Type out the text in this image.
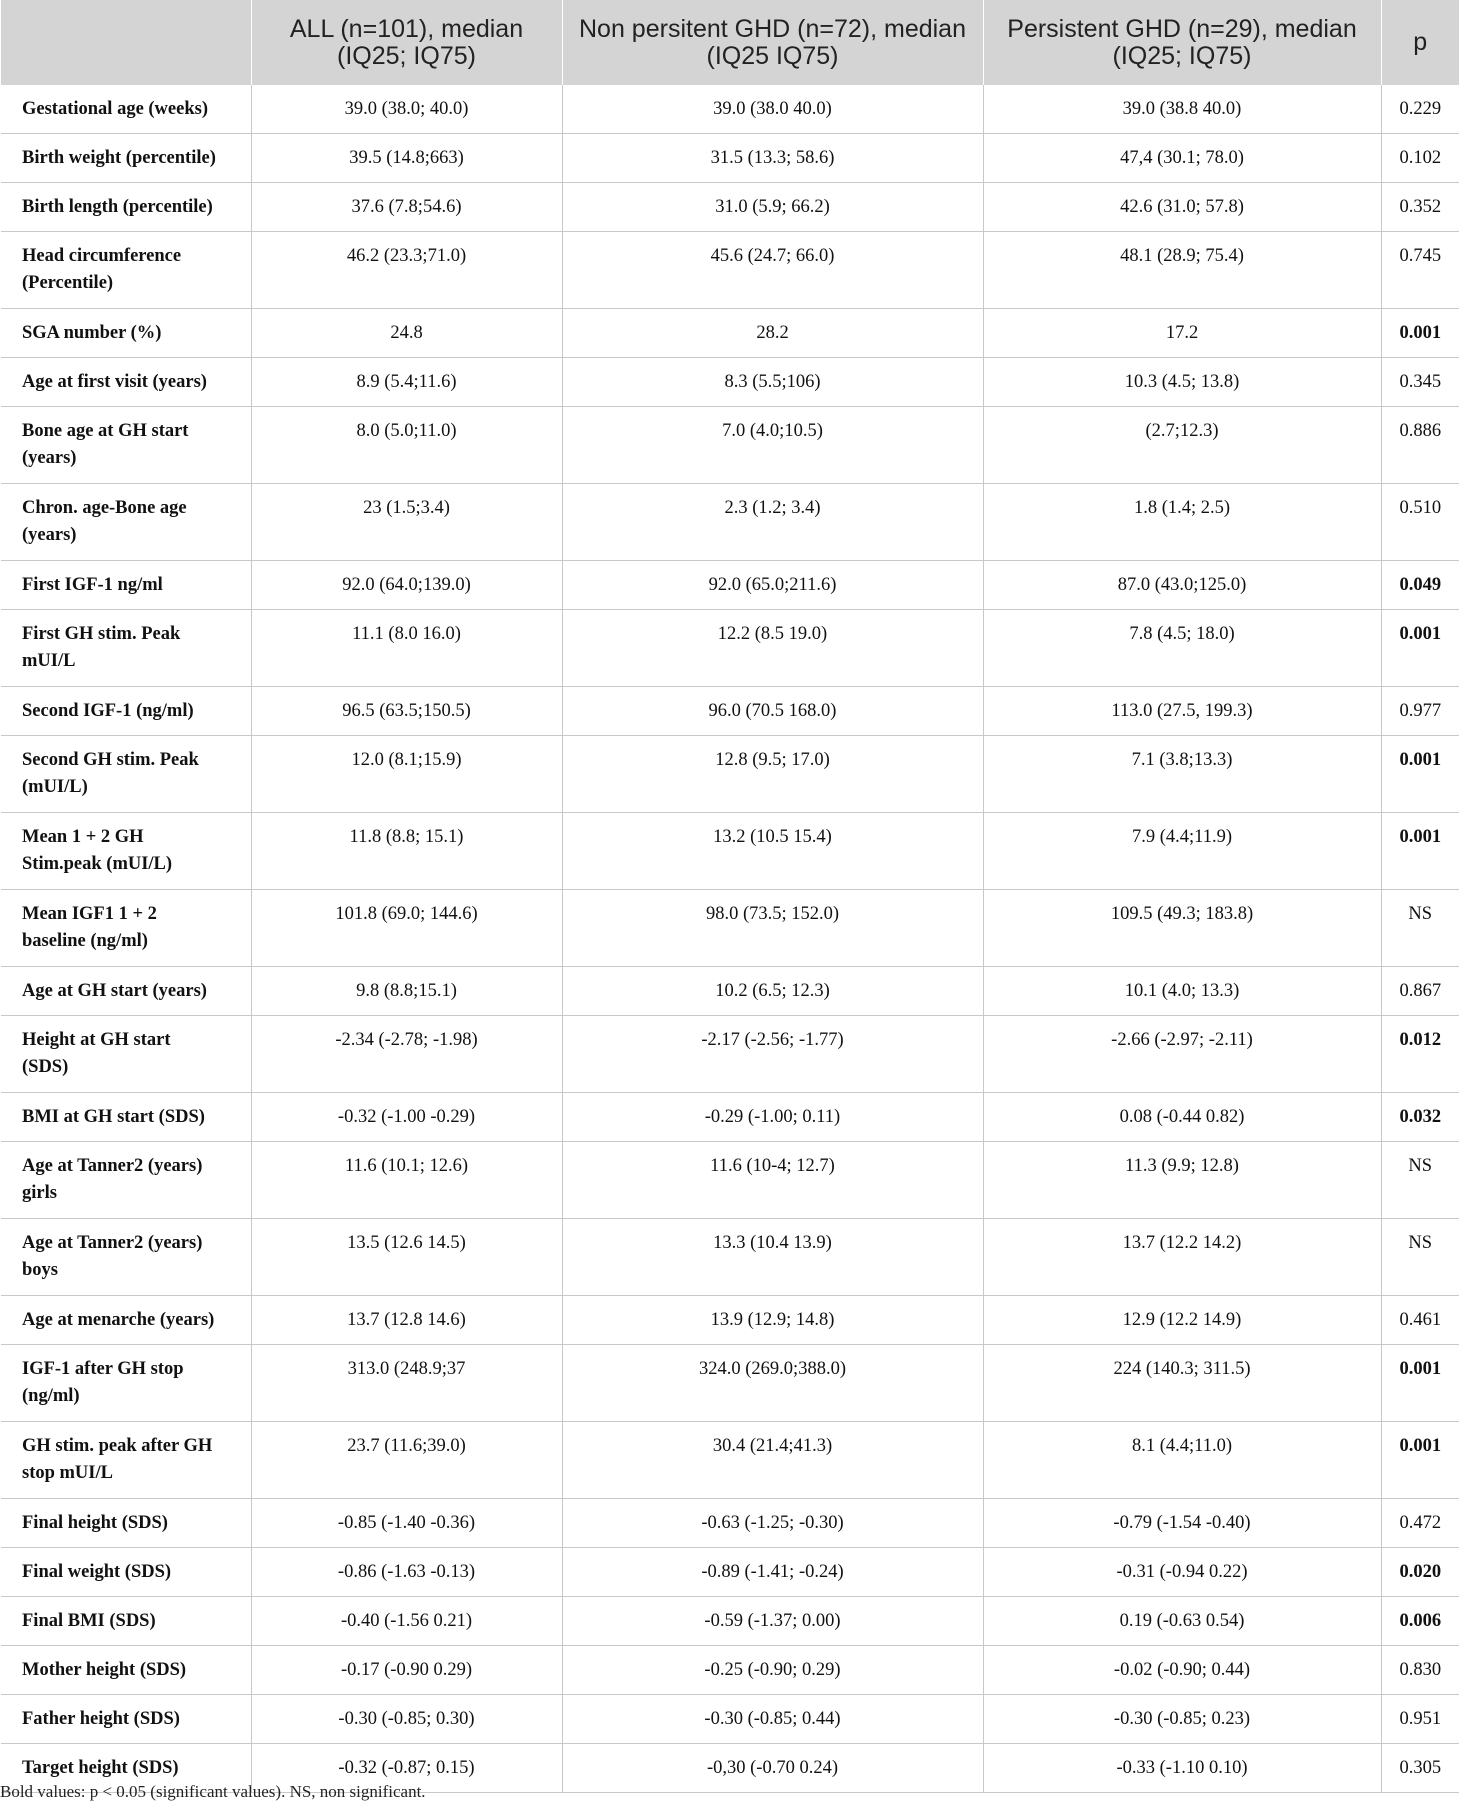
	ALL (n=101), median (IQ25; IQ75)	Non persitent GHD (n=72), median (IQ25 IQ75)	Persistent GHD (n=29), median (IQ25; IQ75)	p
Gestational age (weeks)	39.0 (38.0; 40.0)	39.0 (38.0 40.0)	39.0 (38.8 40.0)	0.229
Birth weight (percentile)	39.5 (14.8;663)	31.5 (13.3; 58.6)	47,4 (30.1; 78.0)	0.102
Birth length (percentile)	37.6 (7.8;54.6)	31.0 (5.9; 66.2)	42.6 (31.0; 57.8)	0.352
Head circumference
(Percentile)	46.2 (23.3;71.0)	45.6 (24.7; 66.0)	48.1 (28.9; 75.4)	0.745
SGA number (%)	24.8	28.2	17.2	0.001
Age at first visit (years)	8.9 (5.4;11.6)	8.3 (5.5;106)	10.3 (4.5; 13.8)	0.345
Bone age at GH start
(years)	8.0 (5.0;11.0)	7.0 (4.0;10.5)	(2.7;12.3)	0.886
Chron. age-Bone age
(years)	23 (1.5;3.4)	2.3 (1.2; 3.4)	1.8 (1.4; 2.5)	0.510
First IGF-1 ng/ml	92.0 (64.0;139.0)	92.0 (65.0;211.6)	87.0 (43.0;125.0)	0.049
First GH stim. Peak
mUI/L	11.1 (8.0 16.0)	12.2 (8.5 19.0)	7.8 (4.5; 18.0)	0.001
Second IGF-1 (ng/ml)	96.5 (63.5;150.5)	96.0 (70.5 168.0)	113.0 (27.5, 199.3)	0.977
Second GH stim. Peak
(mUI/L)	12.0 (8.1;15.9)	12.8 (9.5; 17.0)	7.1 (3.8;13.3)	0.001
Mean 1 + 2 GH
Stim.peak (mUI/L)	11.8 (8.8; 15.1)	13.2 (10.5 15.4)	7.9 (4.4;11.9)	0.001
Mean IGF1 1 + 2
baseline (ng/ml)	101.8 (69.0; 144.6)	98.0 (73.5; 152.0)	109.5 (49.3; 183.8)	NS
Age at GH start (years)	9.8 (8.8;15.1)	10.2 (6.5; 12.3)	10.1 (4.0; 13.3)	0.867
Height at GH start
(SDS)	-2.34 (-2.78; -1.98)	-2.17 (-2.56; -1.77)	-2.66 (-2.97; -2.11)	0.012
BMI at GH start (SDS)	-0.32 (-1.00 -0.29)	-0.29 (-1.00; 0.11)	0.08 (-0.44 0.82)	0.032
Age at Tanner2 (years)
girls	11.6 (10.1; 12.6)	11.6 (10-4; 12.7)	11.3 (9.9; 12.8)	NS
Age at Tanner2 (years)
boys	13.5 (12.6 14.5)	13.3 (10.4 13.9)	13.7 (12.2 14.2)	NS
Age at menarche (years)	13.7 (12.8 14.6)	13.9 (12.9; 14.8)	12.9 (12.2 14.9)	0.461
IGF-1 after GH stop
(ng/ml)	313.0 (248.9;37	324.0 (269.0;388.0)	224 (140.3; 311.5)	0.001
GH stim. peak after GH
stop mUI/L	23.7 (11.6;39.0)	30.4 (21.4;41.3)	8.1 (4.4;11.0)	0.001
Final height (SDS)	-0.85 (-1.40 -0.36)	-0.63 (-1.25; -0.30)	-0.79 (-1.54 -0.40)	0.472
Final weight (SDS)	-0.86 (-1.63 -0.13)	-0.89 (-1.41; -0.24)	-0.31 (-0.94 0.22)	0.020
Final BMI (SDS)	-0.40 (-1.56 0.21)	-0.59 (-1.37; 0.00)	0.19 (-0.63 0.54)	0.006
Mother height (SDS)	-0.17 (-0.90 0.29)	-0.25 (-0.90; 0.29)	-0.02 (-0.90; 0.44)	0.830
Father height (SDS)	-0.30 (-0.85; 0.30)	-0.30 (-0.85; 0.44)	-0.30 (-0.85; 0.23)	0.951
Target height (SDS)	-0.32 (-0.87; 0.15)	-0,30 (-0.70 0.24)	-0.33 (-1.10 0.10)	0.305
Bold values: p < 0.05 (significant values). NS, non significant.
